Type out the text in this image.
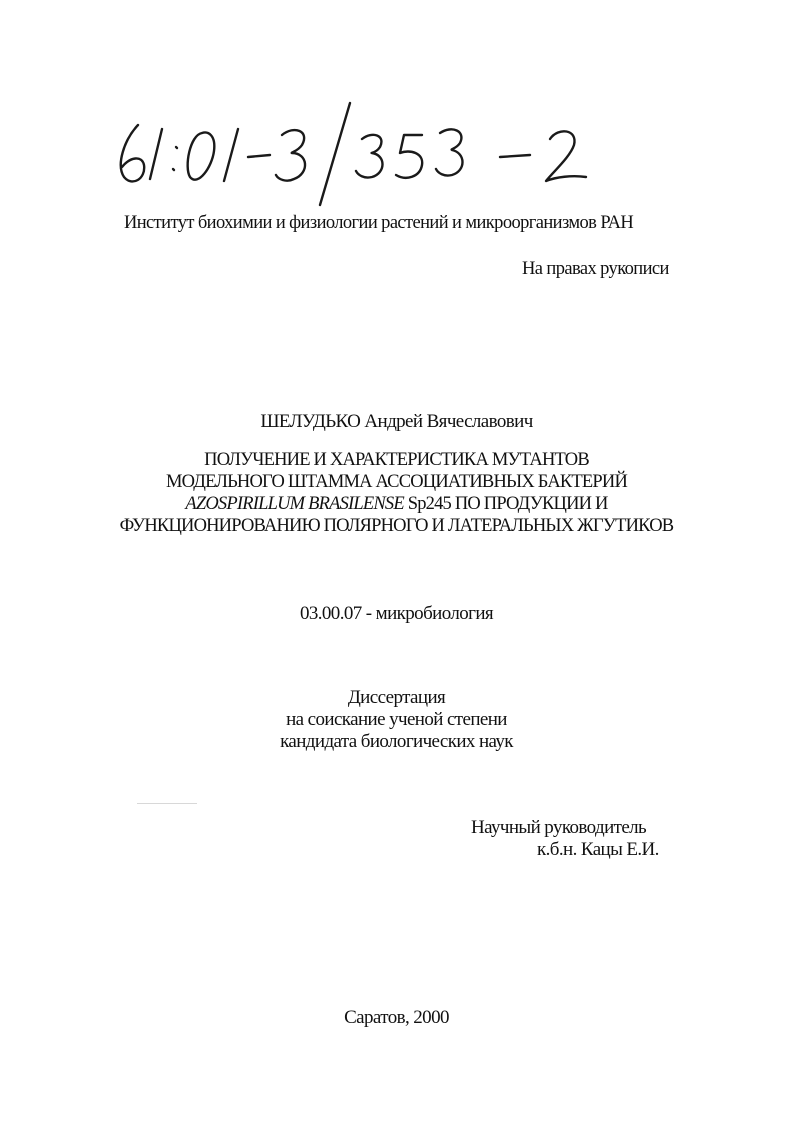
Институт биохимии и физиологии растений и микроорганизмов РАН
На правах рукописи
ШЕЛУДЬКО Андрей Вячеславович
ПОЛУЧЕНИЕ И ХАРАКТЕРИСТИКА МУТАНТОВ
МОДЕЛЬНОГО ШТАММА АССОЦИАТИВНЫХ БАКТЕРИЙ
AZOSPIRILLUM BRASILENSE Sp245 ПО ПРОДУКЦИИ И
ФУНКЦИОНИРОВАНИЮ ПОЛЯРНОГО И ЛАТЕРАЛЬНЫХ ЖГУТИКОВ
03.00.07 - микробиология
Диссертация
на соискание ученой степени
кандидата биологических наук
Научный руководитель
к.б.н. Кацы Е.И.
Саратов, 2000
